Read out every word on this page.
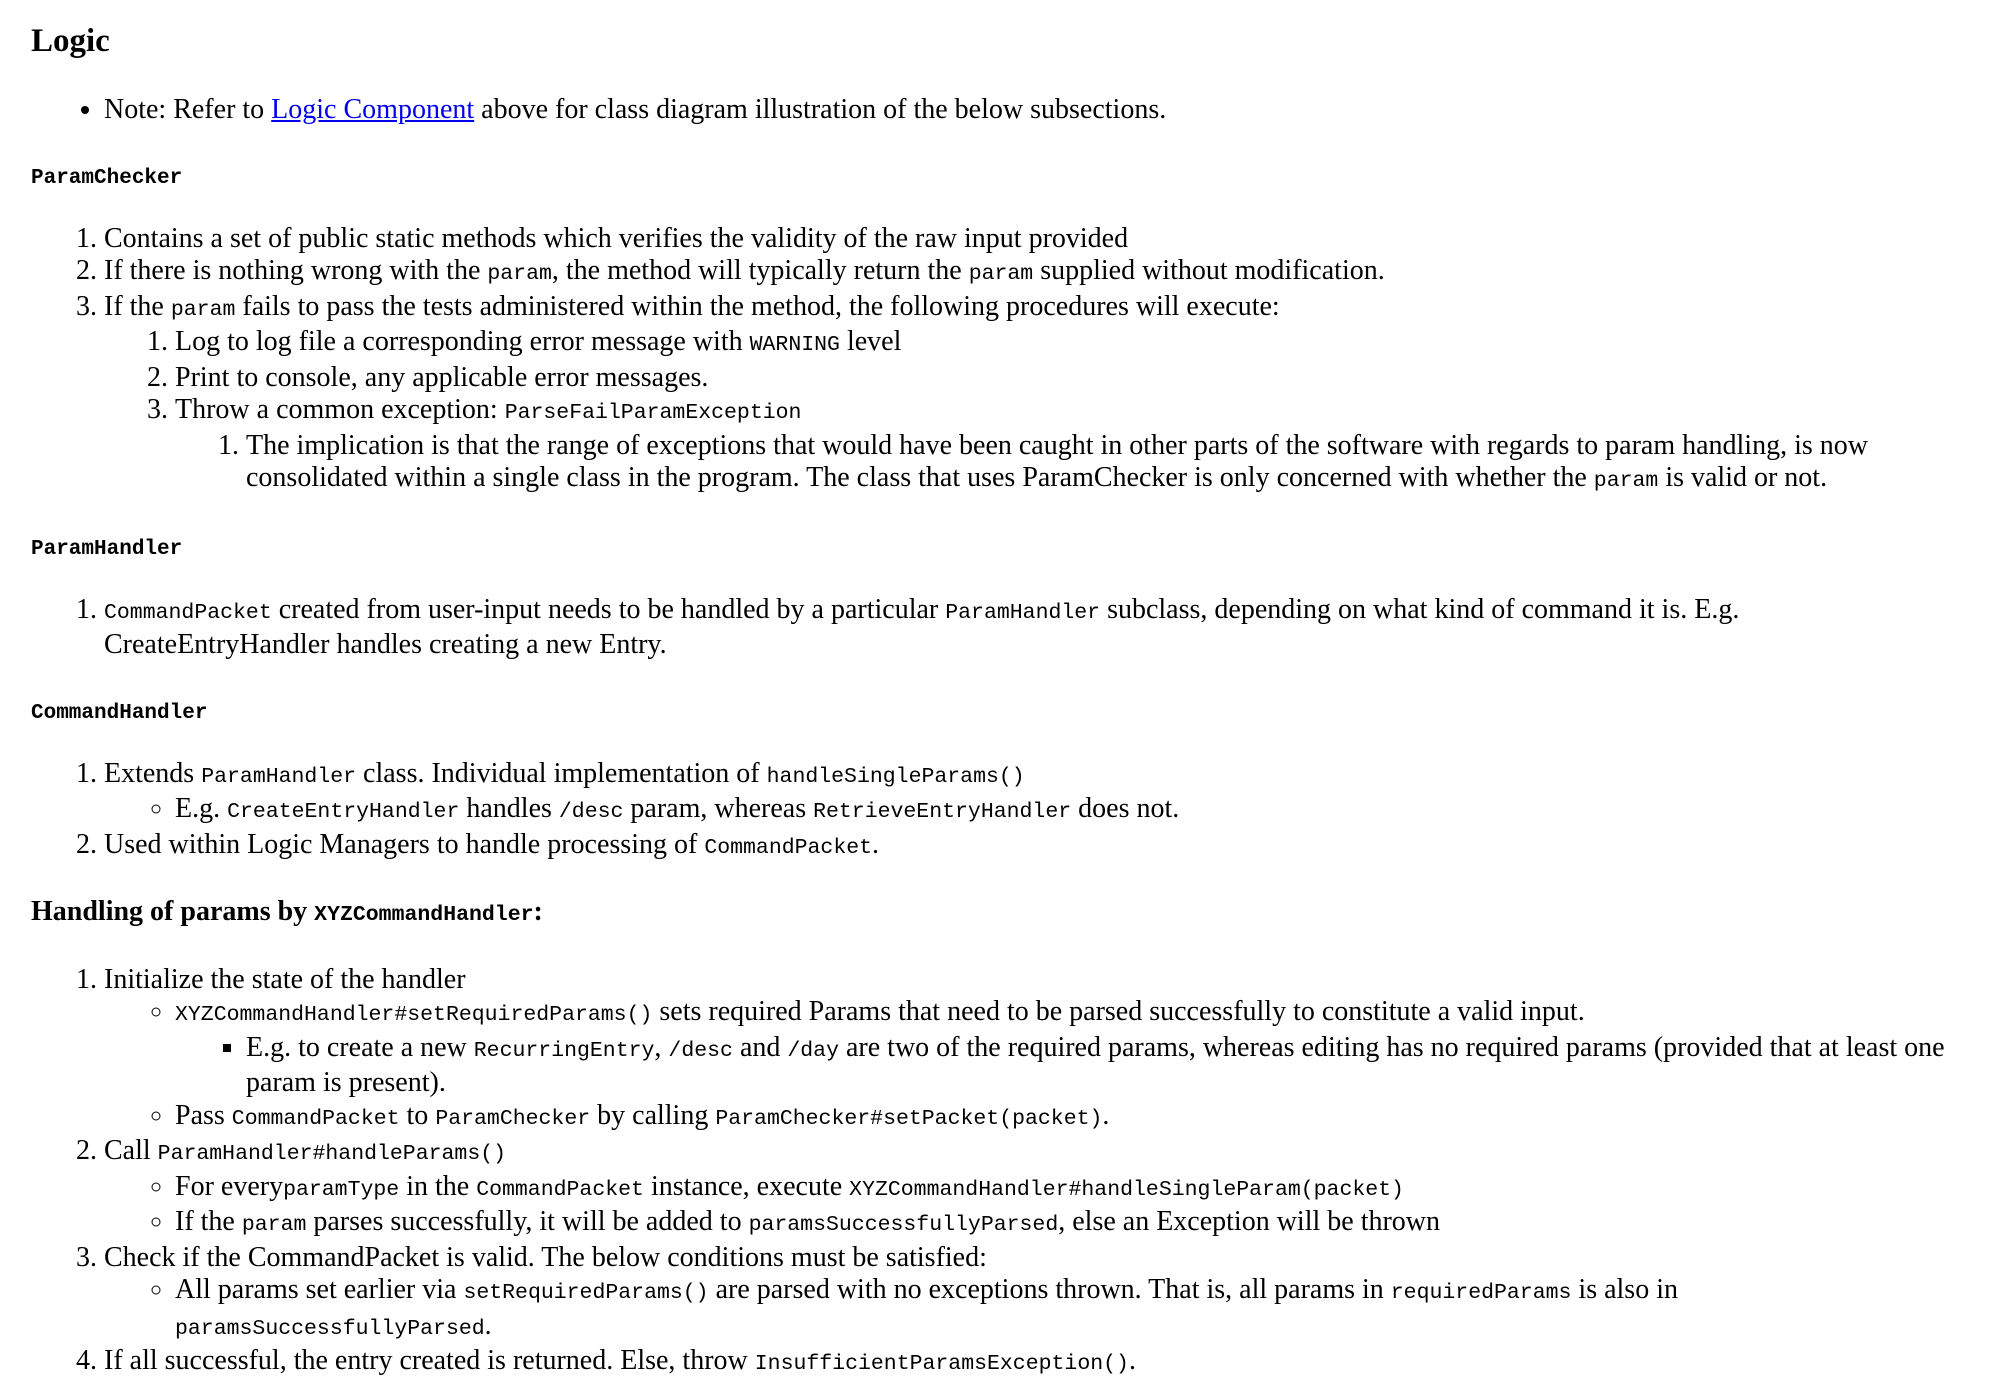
Logic
• Note: Refer to Logic Component above for class diagram illustration of the below subsections.
ParamChecker
1. Contains a set of public static methods which verifies the validity of the raw input provided
2. If there is nothing wrong with the param, the method will typically return the param supplied without modification.
3. If the param fails to pass the tests administered within the method, the following procedures will execute:
1. Log to log file a corresponding error message with WARNING level
2. Print to console, any applicable error messages.
3. Throw a common exception: ParseFailParamException
1. The implication is that the range of exceptions that would have been caught in other parts of the software with regards to param handling, is now consolidated within a single class in the program. The class that uses ParamChecker is only concerned with whether the param is valid or not.
ParamHandler
1. CommandPacket created from user-input needs to be handled by a particular ParamHandler subclass, depending on what kind of command it is. E.g. CreateEntryHandler handles creating a new Entry.
CommandHandler
1. Extends ParamHandler class. Individual implementation of handleSingleParams()
◦ E.g. CreateEntryHandler handles /desc param, whereas RetrieveEntryHandler does not.
2. Used within Logic Managers to handle processing of CommandPacket.
Handling of params by XYZCommandHandler:
1. Initialize the state of the handler
◦ XYZCommandHandler#setRequiredParams() sets required Params that need to be parsed successfully to constitute a valid input.
▪ E.g. to create a new RecurringEntry, /desc and /day are two of the required params, whereas editing has no required params (provided that at least one param is present).
◦ Pass CommandPacket to ParamChecker by calling ParamChecker#setPacket(packet).
2. Call ParamHandler#handleParams()
◦ For everyparamType in the CommandPacket instance, execute XYZCommandHandler#handleSingleParam(packet)
◦ If the param parses successfully, it will be added to paramsSuccessfullyParsed, else an Exception will be thrown
3. Check if the CommandPacket is valid. The below conditions must be satisfied:
◦ All params set earlier via setRequiredParams() are parsed with no exceptions thrown. That is, all params in requiredParams is also in paramsSuccessfullyParsed.
4. If all successful, the entry created is returned. Else, throw InsufficientParamsException().
